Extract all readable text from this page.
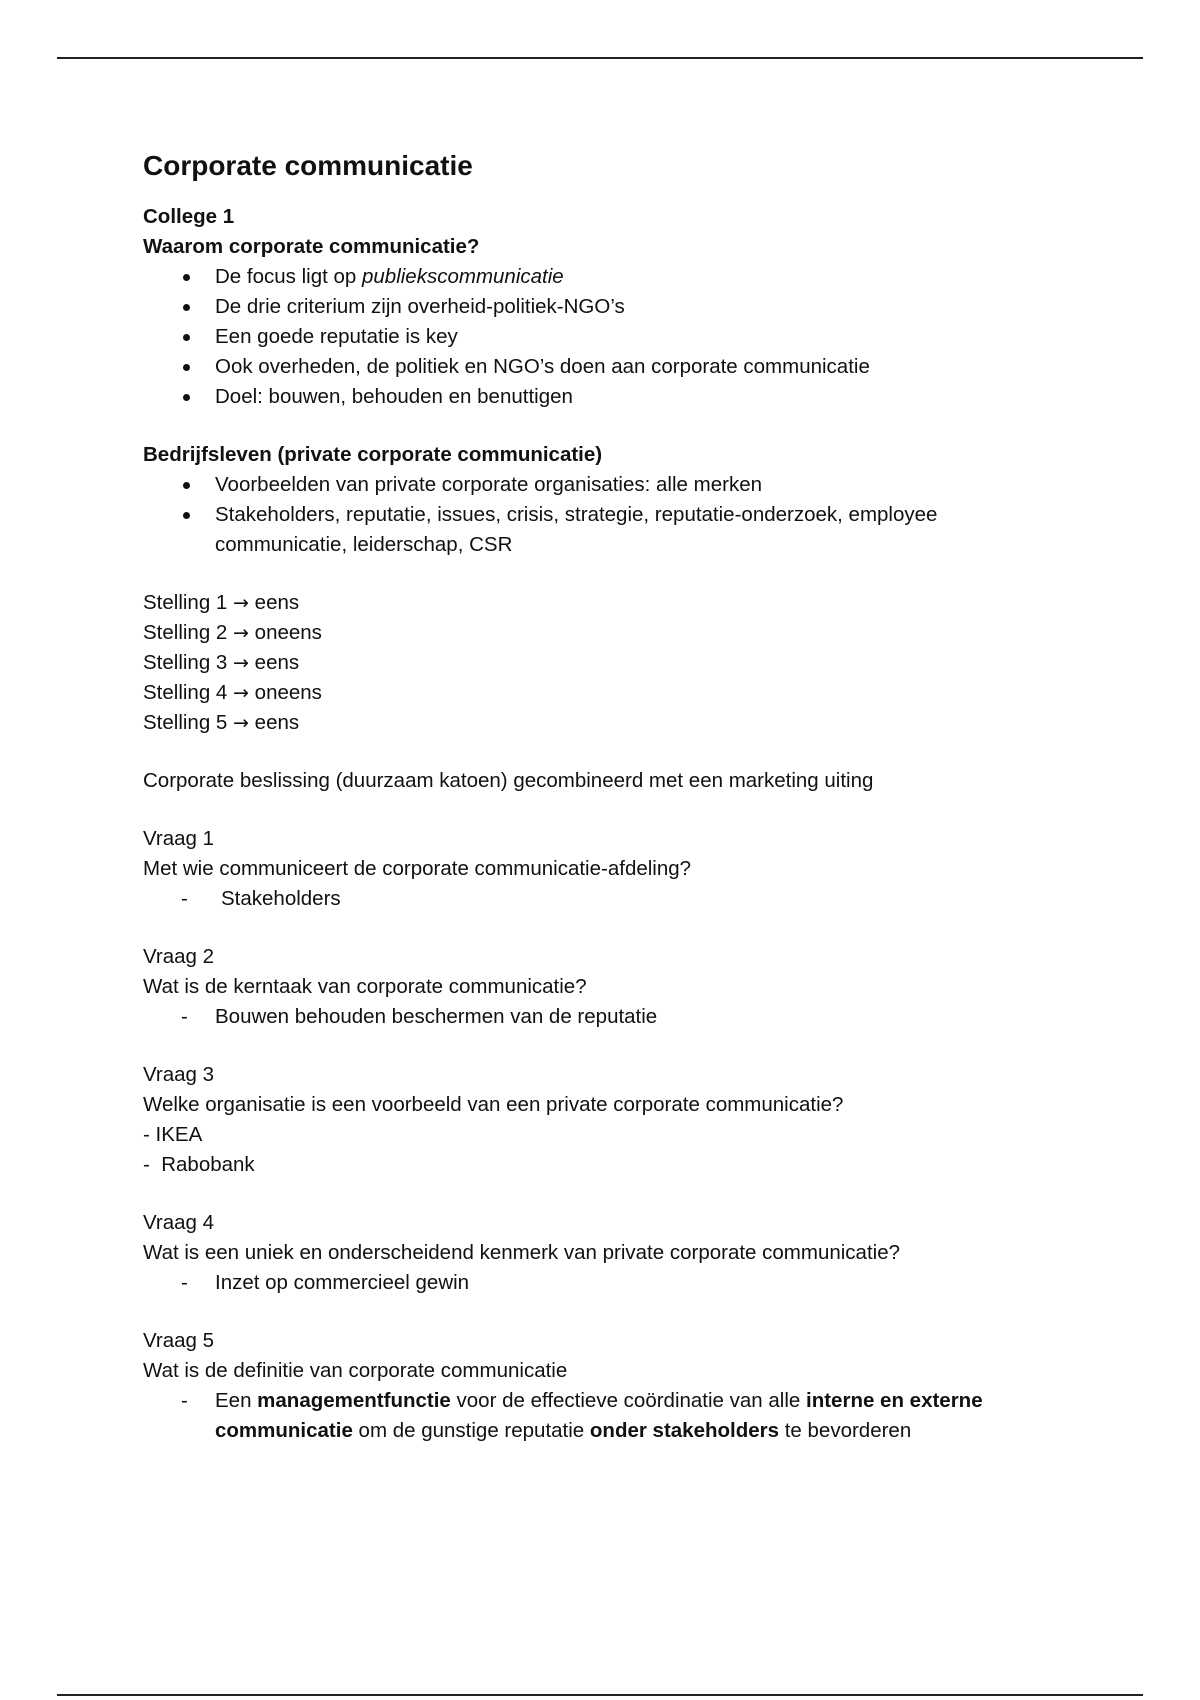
Corporate communicatie

College 1

Waarom corporate communicatie?

De focus ligt op publiekscommunicatie
De drie criterium zijn overheid-politiek-NGO’s
Een goede reputatie is key
Ook overheden, de politiek en NGO’s doen aan corporate communicatie
Doel: bouwen, behouden en benuttigen

Bedrijfsleven (private corporate communicatie)

Voorbeelden van private corporate organisaties: alle merken
Stakeholders, reputatie, issues, crisis, strategie, reputatie-onderzoek, employee communicatie, leiderschap, CSR

Stelling 1 → eens

Stelling 2 → oneens

Stelling 3 → eens

Stelling 4 → oneens

Stelling 5 → eens

Corporate beslissing (duurzaam katoen) gecombineerd met een marketing uiting

Vraag 1

Met wie communiceert de corporate communicatie-afdeling?

- Stakeholders

Vraag 2

Wat is de kerntaak van corporate communicatie?

- Bouwen behouden beschermen van de reputatie

Vraag 3

Welke organisatie is een voorbeeld van een private corporate communicatie?

- IKEA

-  Rabobank

Vraag 4

Wat is een uniek en onderscheidend kenmerk van private corporate communicatie?

- Inzet op commercieel gewin

Vraag 5

Wat is de definitie van corporate communicatie

- Een managementfunctie voor de effectieve coördinatie van alle interne en externe communicatie om de gunstige reputatie onder stakeholders te bevorderen
